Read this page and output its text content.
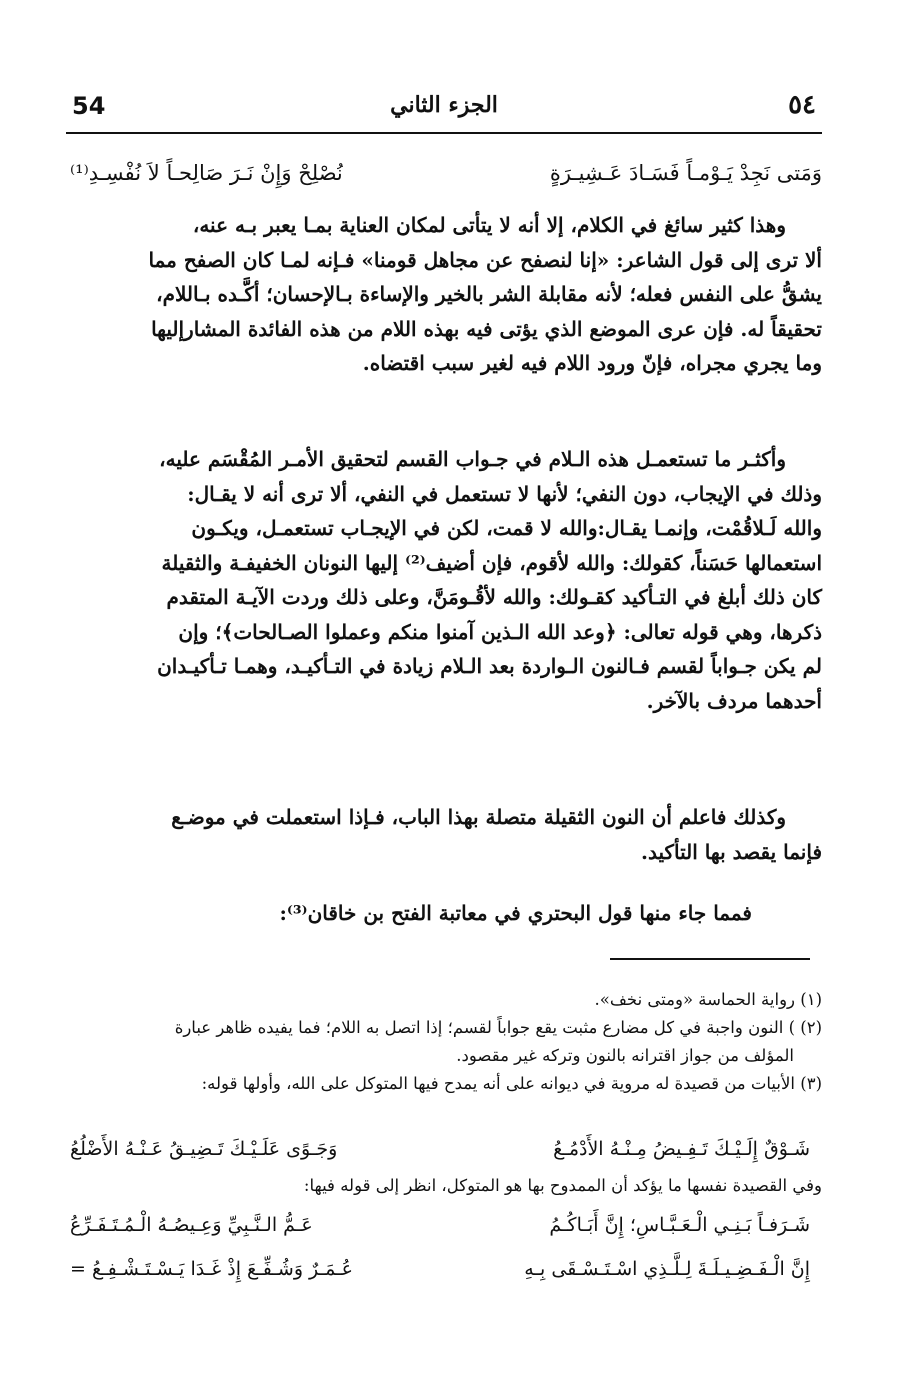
54	الجزء الثاني	٥٤
وَمَتى نَجِدْ يَـوْمـاً فَسَـادَ عَـشِيـرَةٍ
نُصْلِحْ وَإِنْ نَـرَ صَالِحـاً لاَ نُفْسِـدِ⁽¹⁾
وهذا كثير سائغ في الكلام، إلا أنه لا يتأتى لمكان العناية بمـا يعبر بـه عنه،
ألا ترى إلى قول الشاعر: «إنا لنصفح عن مجاهل قومنا» فـإنه لمـا كان الصفح مما
يشقُّ على النفس فعله؛ لأنه مقابلة الشر بالخير والإساءة بـالإحسان؛ أكَّـده بـاللام،
تحقيقاً له. فإن عرى الموضع الذي يؤتى فيه بهذه اللام من هذه الفائدة المشارإليها
وما يجري مجراه، فإنّ ورود اللام فيه لغير سبب اقتضاه.
وأكثـر ما تستعمـل هذه الـلام في جـواب القسم لتحقيق الأمـر المُقْسَم عليه،
وذلك في الإيجاب، دون النفي؛ لأنها لا تستعمل في النفي، ألا ترى أنه لا يقـال:
والله لَـلاقُمْت، وإنمـا يقـال:والله لا قمت، لكن في الإيجـاب تستعمـل، ويكـون
استعمالها حَسَناً، كقولك: والله لأقوم، فإن أضيف⁽²⁾ إليها النونان الخفيفـة والثقيلة
كان ذلك أبلغ في التـأكيد كقـولك: والله لأقُـومَنَّ، وعلى ذلك وردت الآيـة المتقدم
ذكرها، وهي قوله تعالى: ﴿وعد الله الـذين آمنوا منكم وعملوا الصـالحات﴾؛ وإن
لم يكن جـواباً لقسم فـالنون الـواردة بعد الـلام زيادة في التـأكيـد، وهمـا تـأكيـدان
أحدهما مردف بالآخر.
وكذلك فاعلم أن النون الثقيلة متصلة بهذا الباب، فـإذا استعملت في موضـع
فإنما يقصد بها التأكيد.
فمما جاء منها قول البحتري في معاتبة الفتح بن خاقان⁽³⁾:
(١) رواية الحماسة «ومتى نخف».
(٢) ) النون واجبة في كل مضارع مثبت يقع جواباً لقسم؛ إذا اتصل به اللام؛ فما يفيده ظاهر عبارة
المؤلف من جواز اقترانه بالنون وتركه غير مقصود.
(٣) الأبيات من قصيدة له مروية في ديوانه على أنه يمدح فيها المتوكل على الله، وأولها قوله:
شَـوْقٌ إِلَـيْـكَ تَـفِـيضُ مِـنْـهُ الأَدْمُـعُ
وَجَـوًى عَلَـيْـكَ تَـضِيـقُ عَـنْـهُ الأَضْلُعُ
وفي القصيدة نفسها ما يؤكد أن الممدوح بها هو المتوكل، انظر إلى قوله فيها:
شَـرَفـاً بَـنِـي الْـعَـبَّـاسِ؛ إِنَّ أَبَـاكُـمُ
عَـمُّ الـنَّـبِيِّ وَعِـيصُـهُ الْـمُـتَـفَـرِّعُ
إِنَّ الْـفَـضِـيـلَـةَ لِـلَّـذِي اسْـتَـسْـقَى بِـهِ
عُـمَـرٌ وَشُـفِّـعَ إِذْ غَـدَا يَـسْـتَـشْـفِـعُ =
